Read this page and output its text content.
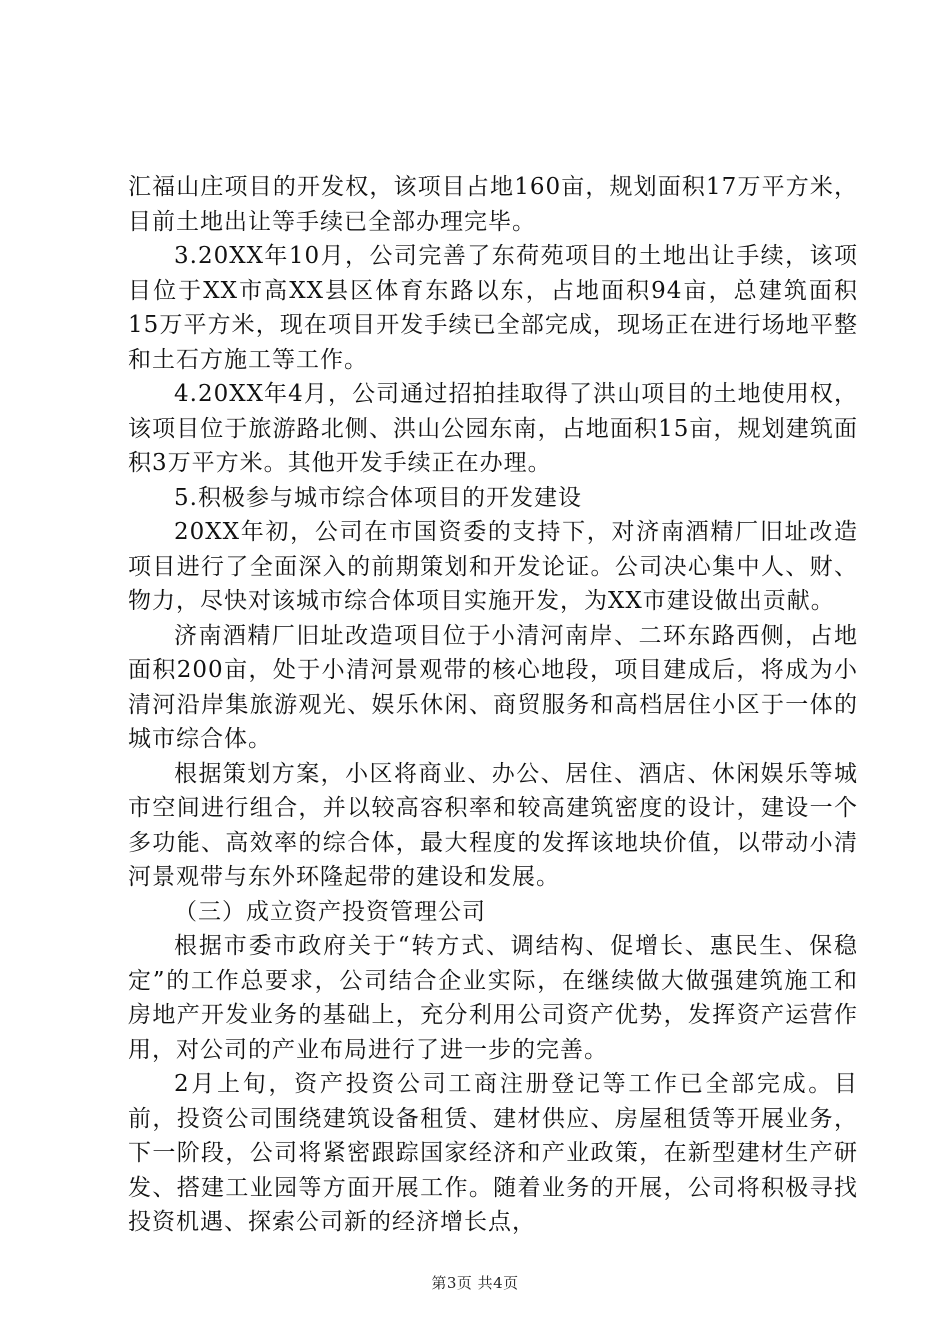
汇福山庄项目的开发权，该项目占地160亩，规划面积17万平方米，目前土地出让等手续已全部办理完毕。

3.20XX年10月，公司完善了东荷苑项目的土地出让手续，该项目位于XX市高XX县区体育东路以东，占地面积94亩，总建筑面积15万平方米，现在项目开发手续已全部完成，现场正在进行场地平整和土石方施工等工作。

4.20XX年4月，公司通过招拍挂取得了洪山项目的土地使用权，该项目位于旅游路北侧、洪山公园东南，占地面积15亩，规划建筑面积3万平方米。其他开发手续正在办理。

5.积极参与城市综合体项目的开发建设

20XX年初，公司在市国资委的支持下，对济南酒精厂旧址改造项目进行了全面深入的前期策划和开发论证。公司决心集中人、财、物力，尽快对该城市综合体项目实施开发，为XX市建设做出贡献。

济南酒精厂旧址改造项目位于小清河南岸、二环东路西侧，占地面积200亩，处于小清河景观带的核心地段，项目建成后，将成为小清河沿岸集旅游观光、娱乐休闲、商贸服务和高档居住小区于一体的城市综合体。

根据策划方案，小区将商业、办公、居住、酒店、休闲娱乐等城市空间进行组合，并以较高容积率和较高建筑密度的设计，建设一个多功能、高效率的综合体，最大程度的发挥该地块价值，以带动小清河景观带与东外环隆起带的建设和发展。

（三）成立资产投资管理公司

根据市委市政府关于“转方式、调结构、促增长、惠民生、保稳定”的工作总要求，公司结合企业实际，在继续做大做强建筑施工和房地产开发业务的基础上，充分利用公司资产优势，发挥资产运营作用，对公司的产业布局进行了进一步的完善。

2月上旬，资产投资公司工商注册登记等工作已全部完成。目前，投资公司围绕建筑设备租赁、建材供应、房屋租赁等开展业务，下一阶段，公司将紧密跟踪国家经济和产业政策，在新型建材生产研发、搭建工业园等方面开展工作。随着业务的开展，公司将积极寻找投资机遇、探索公司新的经济增长点，

第3页 共4页
